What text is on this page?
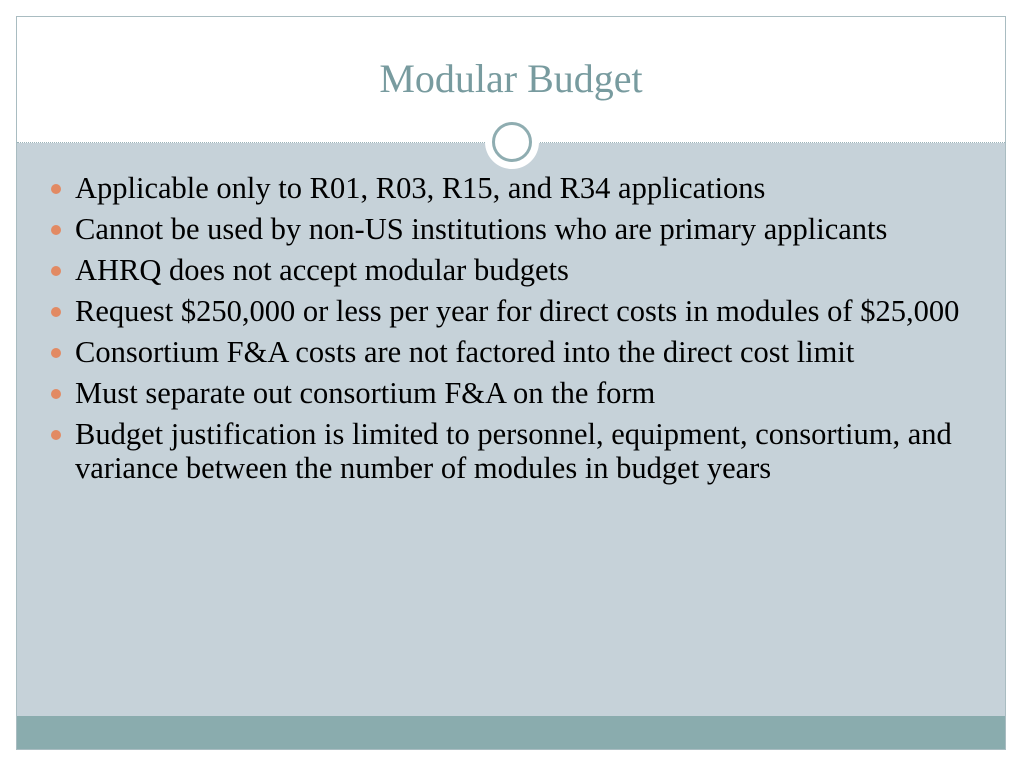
Modular Budget
Applicable only to R01, R03, R15, and R34 applications
Cannot be used by non-US institutions who are primary applicants
AHRQ does not accept modular budgets
Request $250,000 or less per year for direct costs in modules of $25,000
Consortium F&A costs are not factored into the direct cost limit
Must separate out consortium F&A on the form
Budget justification is limited to personnel, equipment, consortium, and variance between the number of modules in budget years
